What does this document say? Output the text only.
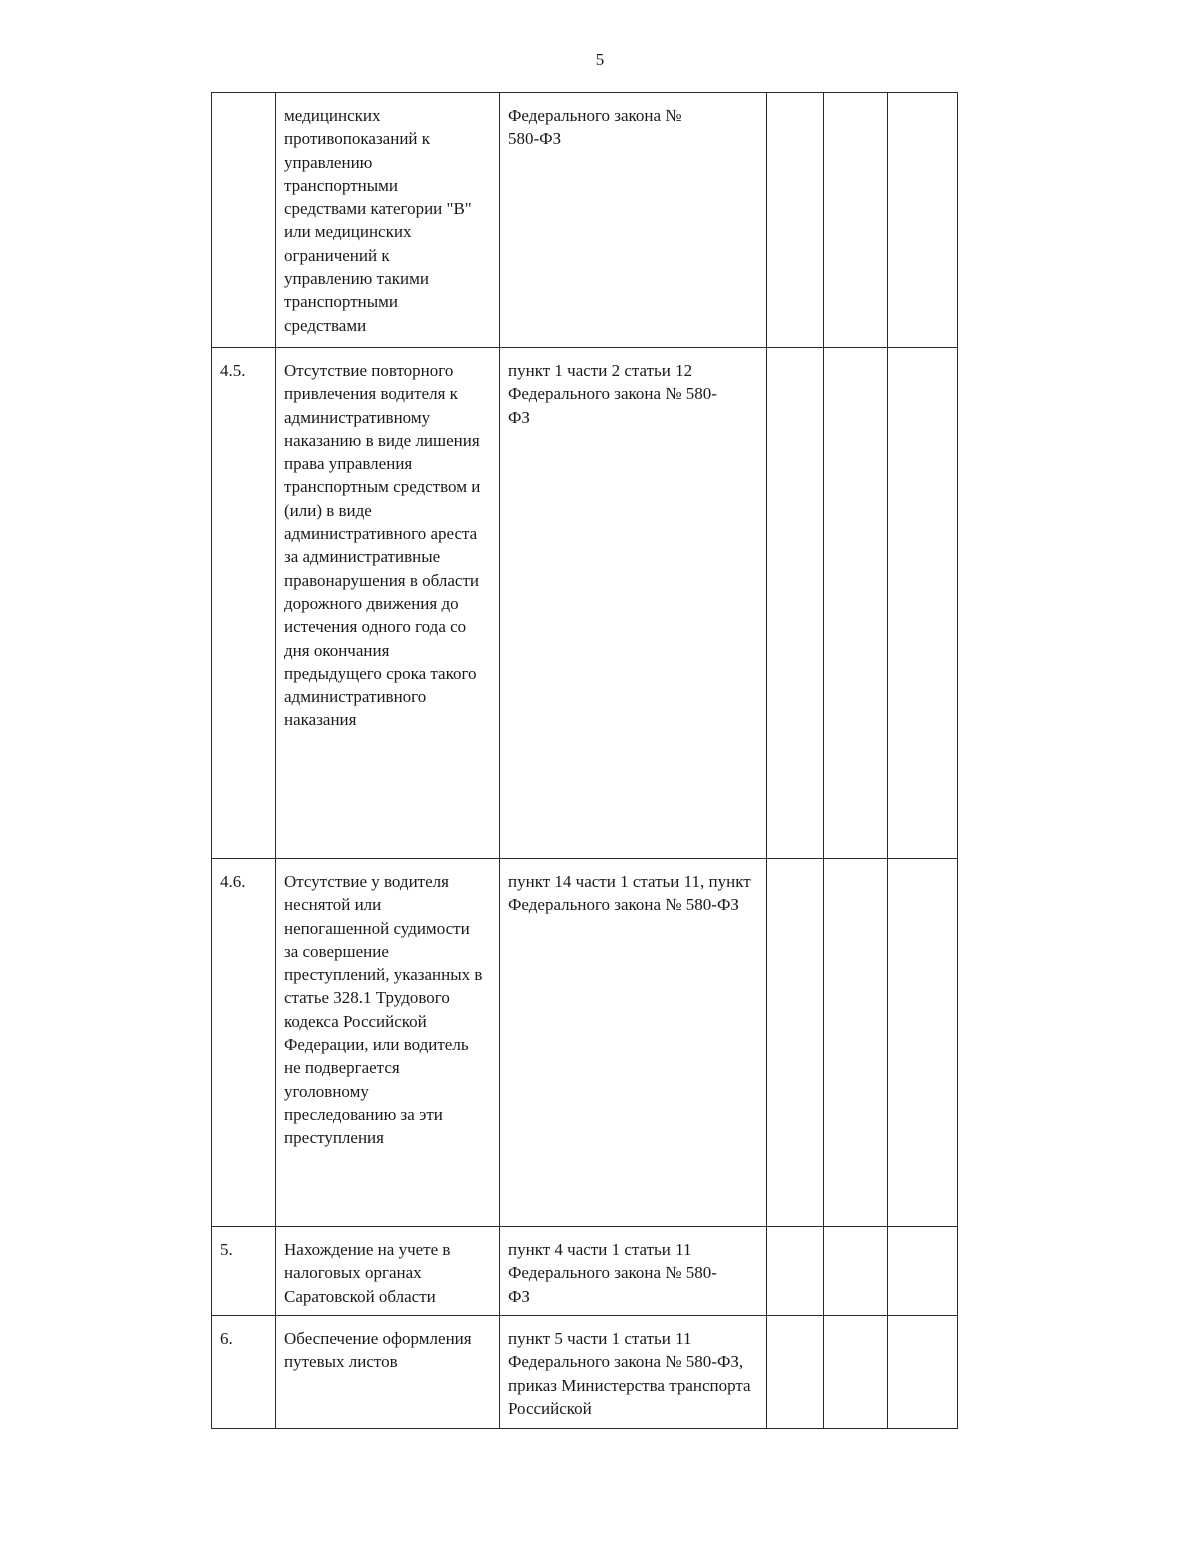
5

	медицинских противопоказаний к управлению транспортными средствами категории "В" или медицинских ограничений к управлению такими транспортными средствами	Федерального закона № 580-ФЗ			

4.5.	Отсутствие повторного привлечения водителя к административному наказанию в виде лишения права управления транспортным средством и (или) в виде административного ареста за административные правонарушения в области дорожного движения до истечения одного года со дня окончания предыдущего срока такого административного наказания	пункт 1 части 2 статьи 12 Федерального закона № 580-ФЗ			

4.6.	Отсутствие у водителя неснятой или непогашенной судимости за совершение преступлений, указанных в статье 328.1 Трудового кодекса Российской Федерации, или водитель не подвергается уголовному преследованию за эти преступления	пункт 14 части 1 статьи 11, пункт Федерального закона № 580-ФЗ			

5.	Нахождение на учете в налоговых органах Саратовской области	пункт 4 части 1 статьи 11 Федерального закона № 580-ФЗ			

6.	Обеспечение оформления путевых листов	пункт 5 части 1 статьи 11 Федерального закона № 580-ФЗ, приказ Министерства транспорта Российской			
